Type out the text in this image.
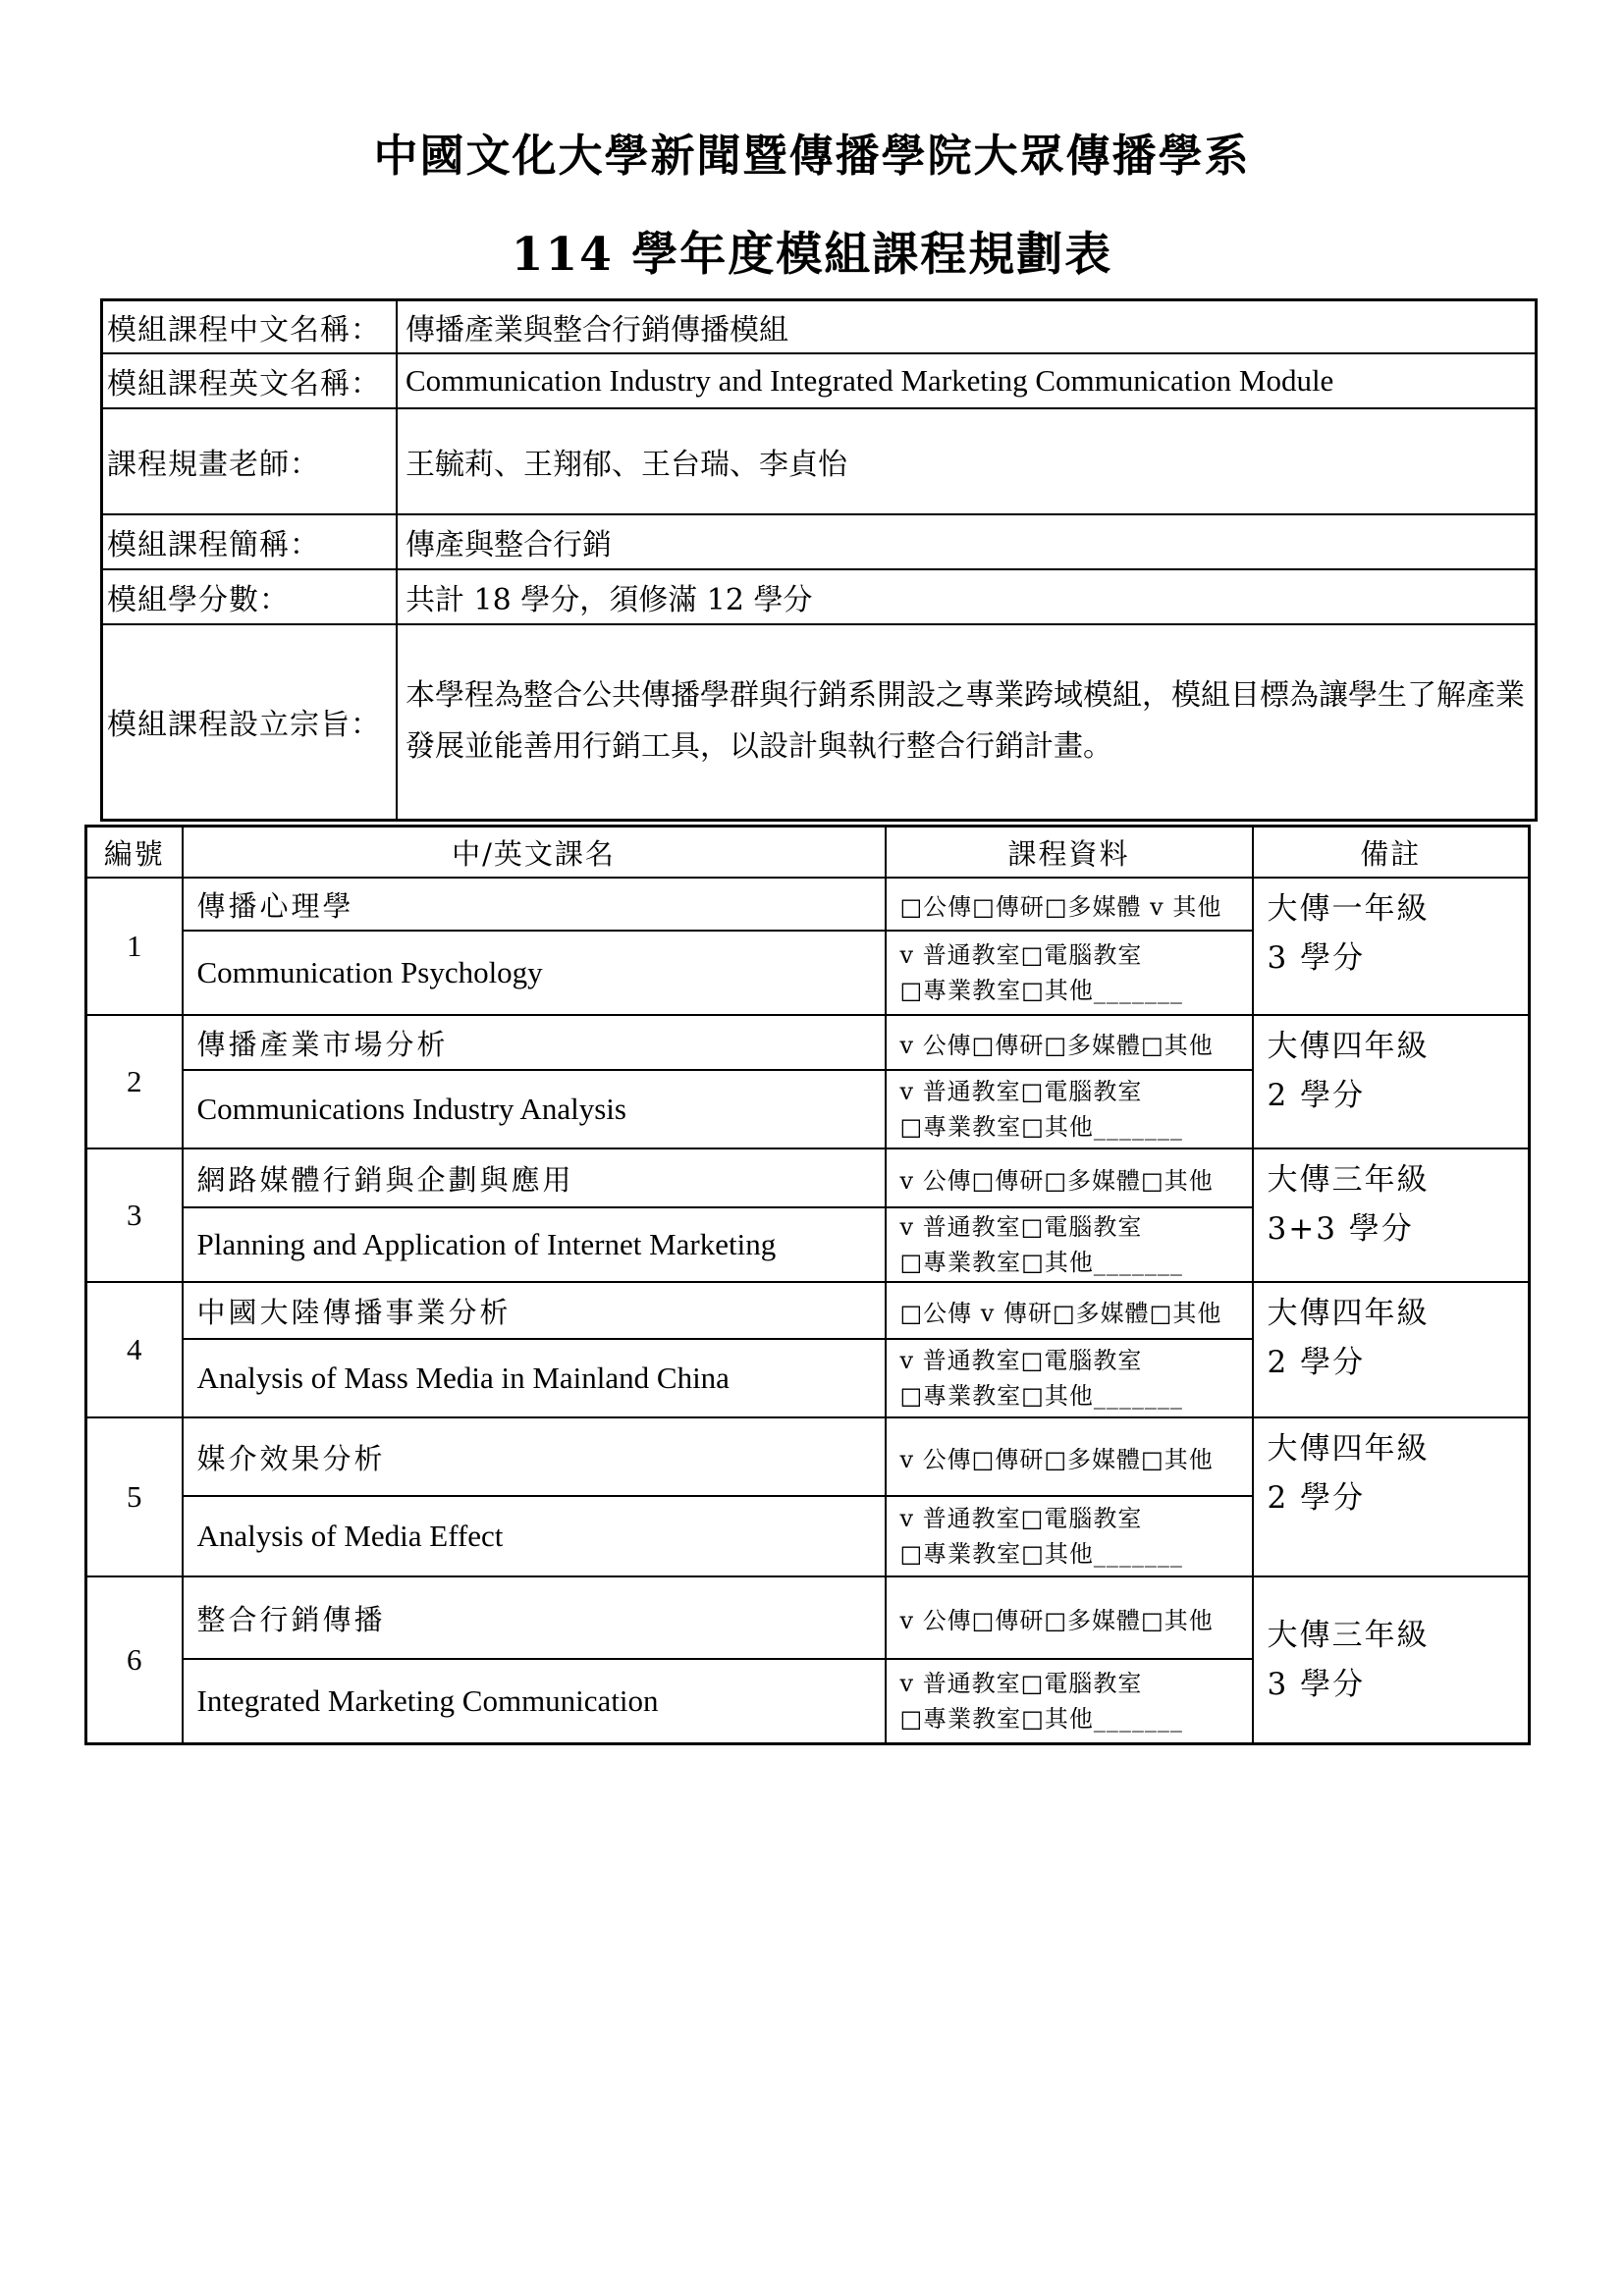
中國文化大學新聞暨傳播學院大眾傳播學系
114 學年度模組課程規劃表
模組課程中文名稱：	傳播產業與整合行銷傳播模組
模組課程英文名稱：	Communication Industry and Integrated Marketing Communication Module
課程規畫老師：	王毓莉、王翔郁、王台瑞、李貞怡
模組課程簡稱：	傳產與整合行銷
模組學分數：	共計 18 學分，須修滿 12 學分
模組課程設立宗旨：	本學程為整合公共傳播學群與行銷系開設之專業跨域模組，模組目標為讓學生了解產業發展並能善用行銷工具，以設計與執行整合行銷計畫。
編號	中/英文課名	課程資料	備註
1	傳播心理學	□公傳□傳研□多媒體 v 其他	大傳一年級
3 學分

	Communication Psychology	v 普通教室□電腦教室
□專業教室□其他_______	

2	傳播產業市場分析	v 公傳□傳研□多媒體□其他	大傳四年級
2 學分

	Communications Industry Analysis	v 普通教室□電腦教室
□專業教室□其他_______	

3	網路媒體行銷與企劃與應用	v 公傳□傳研□多媒體□其他	大傳三年級
3+3 學分

	Planning and Application of Internet Marketing	v 普通教室□電腦教室
□專業教室□其他_______	

4	中國大陸傳播事業分析	□公傳 v 傳研□多媒體□其他	大傳四年級
2 學分

	Analysis of Mass Media in Mainland China	v 普通教室□電腦教室
□專業教室□其他_______	

5	媒介效果分析	v 公傳□傳研□多媒體□其他	大傳四年級
2 學分

	Analysis of Media Effect	v 普通教室□電腦教室
□專業教室□其他_______	

6	整合行銷傳播	v 公傳□傳研□多媒體□其他	大傳三年級
3 學分

	Integrated Marketing Communication	v 普通教室□電腦教室
□專業教室□其他_______	
